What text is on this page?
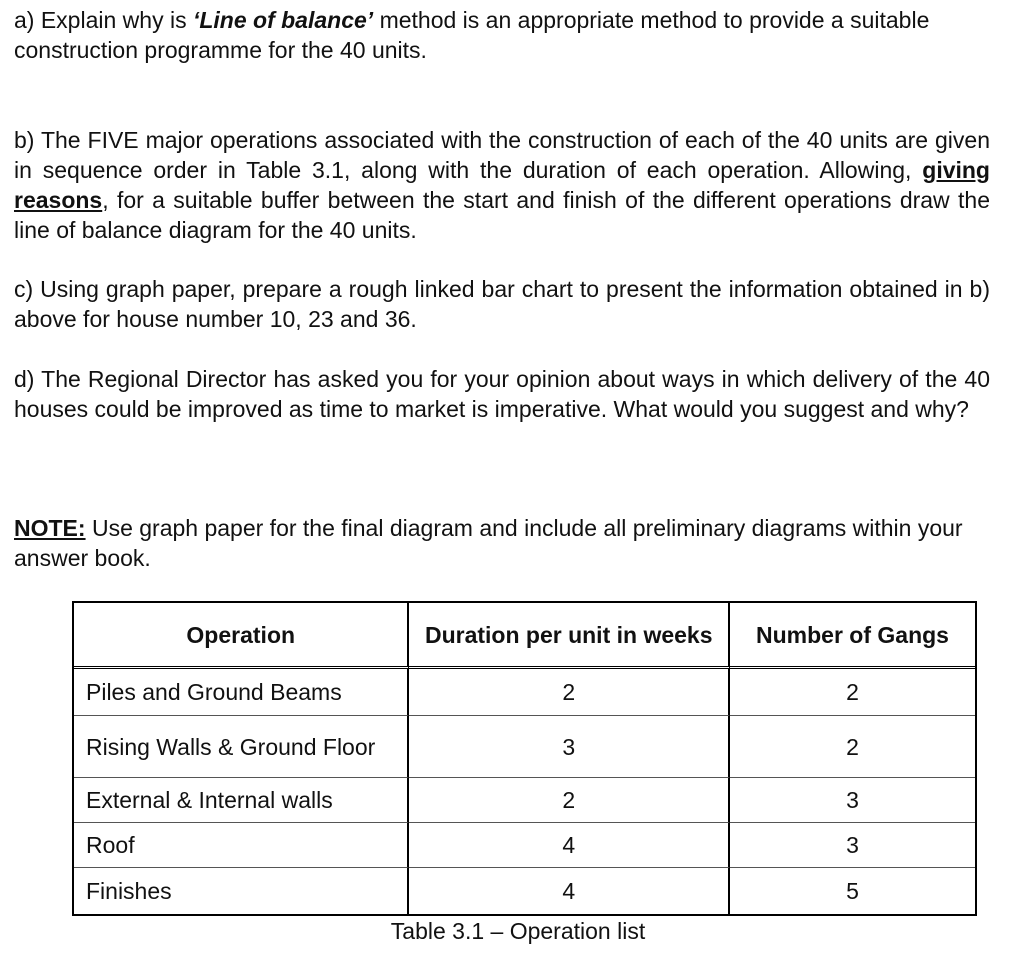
a) Explain why is ‘Line of balance’ method is an appropriate method to provide a suitable construction programme for the 40 units.

b) The FIVE major operations associated with the construction of each of the 40 units are given in sequence order in Table 3.1, along with the duration of each operation. Allowing, giving reasons, for a suitable buffer between the start and finish of the different operations draw the line of balance diagram for the 40 units.

c) Using graph paper, prepare a rough linked bar chart to present the information obtained in b) above for house number 10, 23 and 36.

d) The Regional Director has asked you for your opinion about ways in which delivery of the 40 houses could be improved as time to market is imperative. What would you suggest and why?

NOTE: Use graph paper for the final diagram and include all preliminary diagrams within your answer book.

Operation	Duration per unit in weeks	Number of Gangs
Piles and Ground Beams	2	2
Rising Walls & Ground Floor	3	2
External & Internal walls	2	3
Roof	4	3
Finishes	4	5
Table 3.1 – Operation list
